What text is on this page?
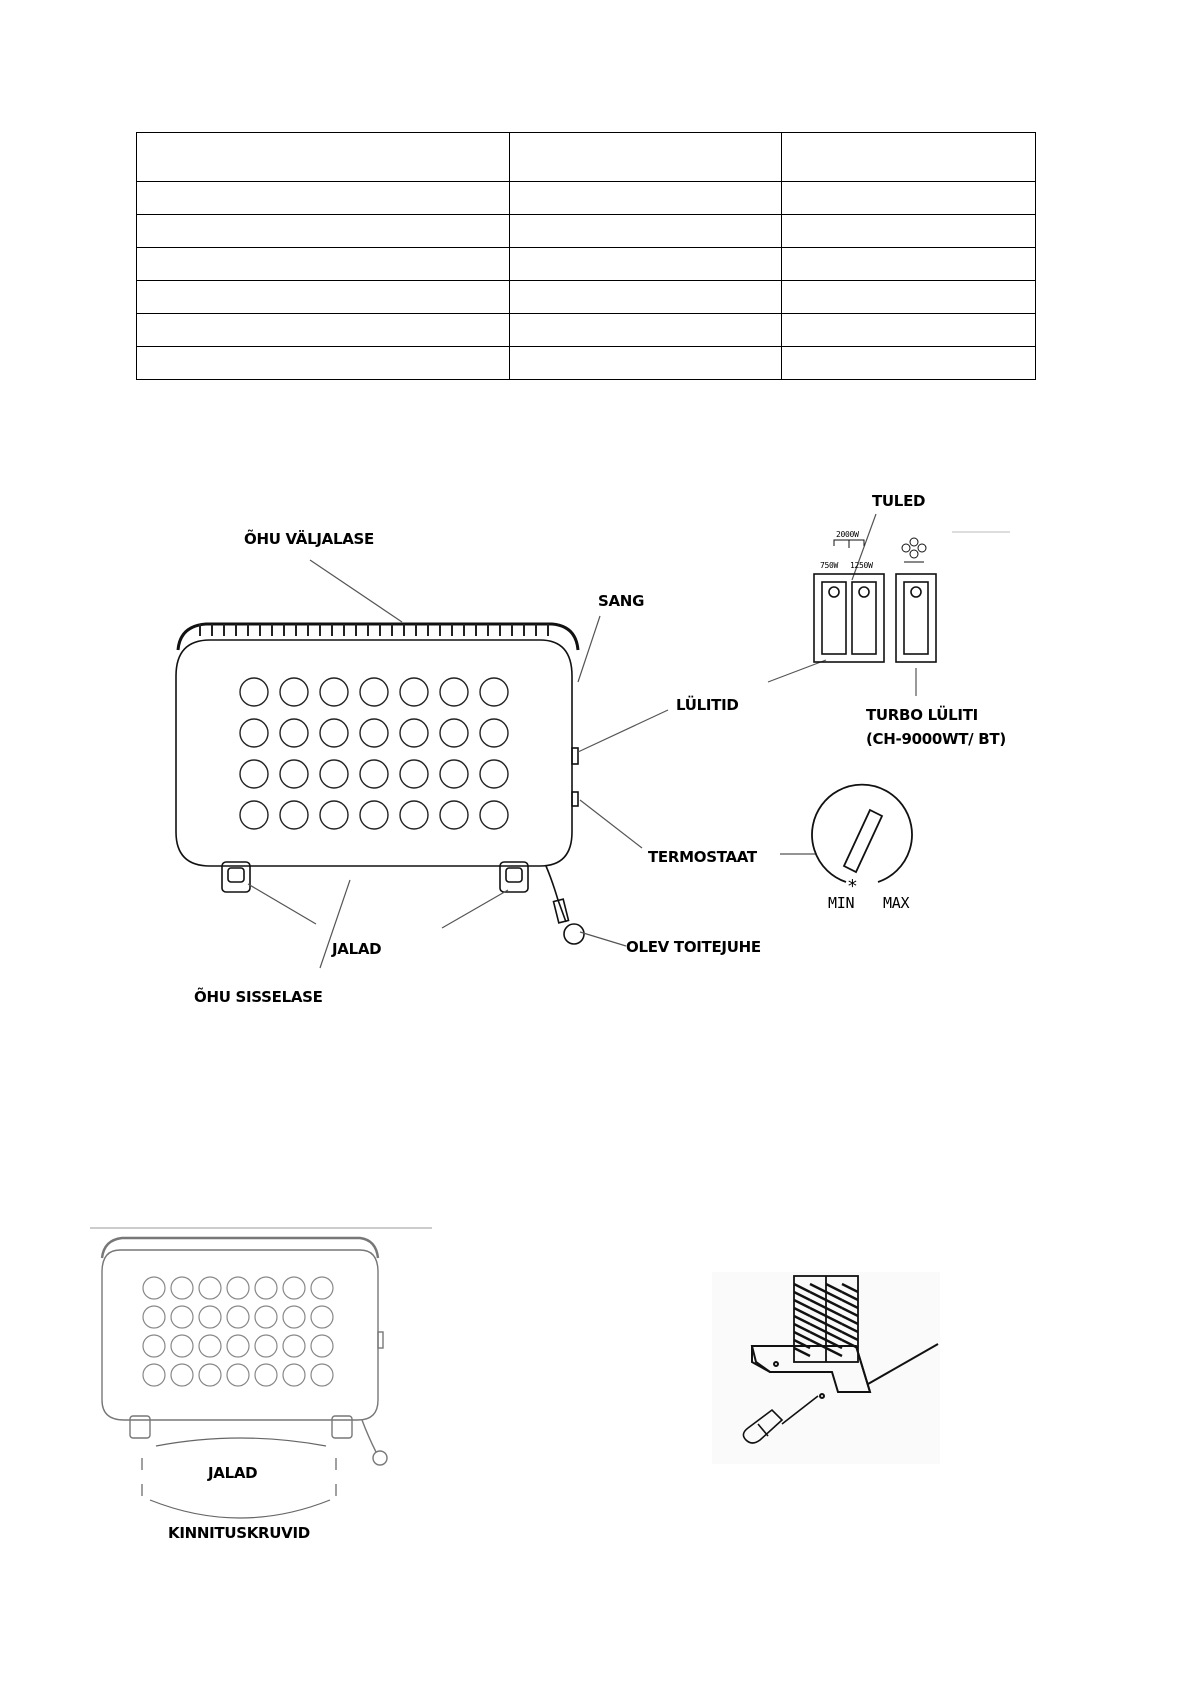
ÕHU VÄLJALASE
SANG
TULED
LÜLITID
TURBO LÜLITI
(CH-9000WT/ BT)
TERMOSTAAT
JALAD
ÕHU SISSELASE
OLEV TOITEJUHE
MIN MAX
*
2000W
750W 1250W
JALAD
KINNITUSKRUVID
